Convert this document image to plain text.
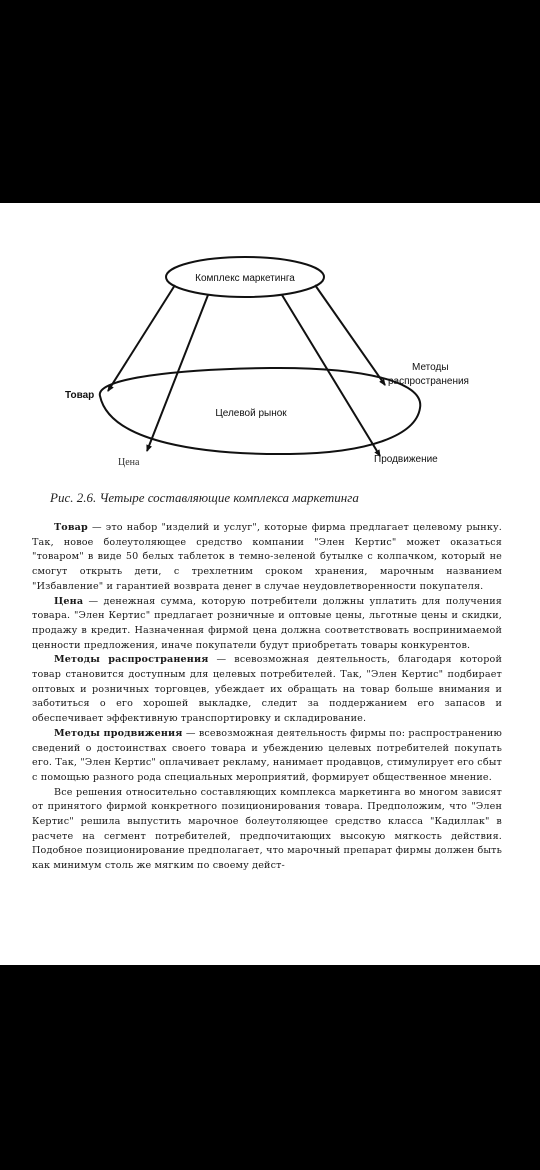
Комплекс маркетинга
Целевой рынок
Товар
Методы
распространения
Цена	Продвижение
Рис. 2.6. Четыре составляющие комплекса маркетинга

Товар — это набор "изделий и услуг", которые фирма предлагает целевому рынку. Так, новое болеутоляющее средство компании "Элен Кертис" может оказаться "товаром" в виде 50 белых таблеток в темно-зеленой бутылке с колпачком, который не смогут открыть дети, с трехлетним сроком хранения, марочным названием "Избавление" и гарантией возврата денег в случае неудовлетворенности покупателя.

Цена — денежная сумма, которую потребители должны уплатить для получения товара. "Элен Кертис" предлагает розничные и оптовые цены, льготные цены и скидки, продажу в кредит. Назначенная фирмой цена должна соответствовать воспринимаемой ценности предложения, иначе покупатели будут приобретать товары конкурентов.

Методы распространения — всевозможная деятельность, благодаря которой товар становится доступным для целевых потребителей. Так, "Элен Кертис" подбирает оптовых и розничных торговцев, убеждает их обращать на товар больше внимания и заботиться о его хорошей выкладке, следит за поддержанием его запасов и обеспечивает эффективную транспортировку и складирование.

Методы продвижения — всевозможная деятельность фирмы по: распространению сведений о достоинствах своего товара и убеждению целевых потребителей покупать его. Так, "Элен Кертис" оплачивает рекламу, нанимает продавцов, стимулирует его сбыт с помощью разного рода специальных мероприятий, формирует общественное мнение.

Все решения относительно составляющих комплекса маркетинга во многом зависят от принятого фирмой конкретного позиционирования товара. Предположим, что "Элен Кертис" решила выпустить марочное болеутоляющее средство класса "Кадиллак" в расчете на сегмент потребителей, предпочитающих высокую мягкость действия. Подобное позиционирование предполагает, что марочный препарат фирмы должен быть как минимум столь же мягким по своему дейст-
